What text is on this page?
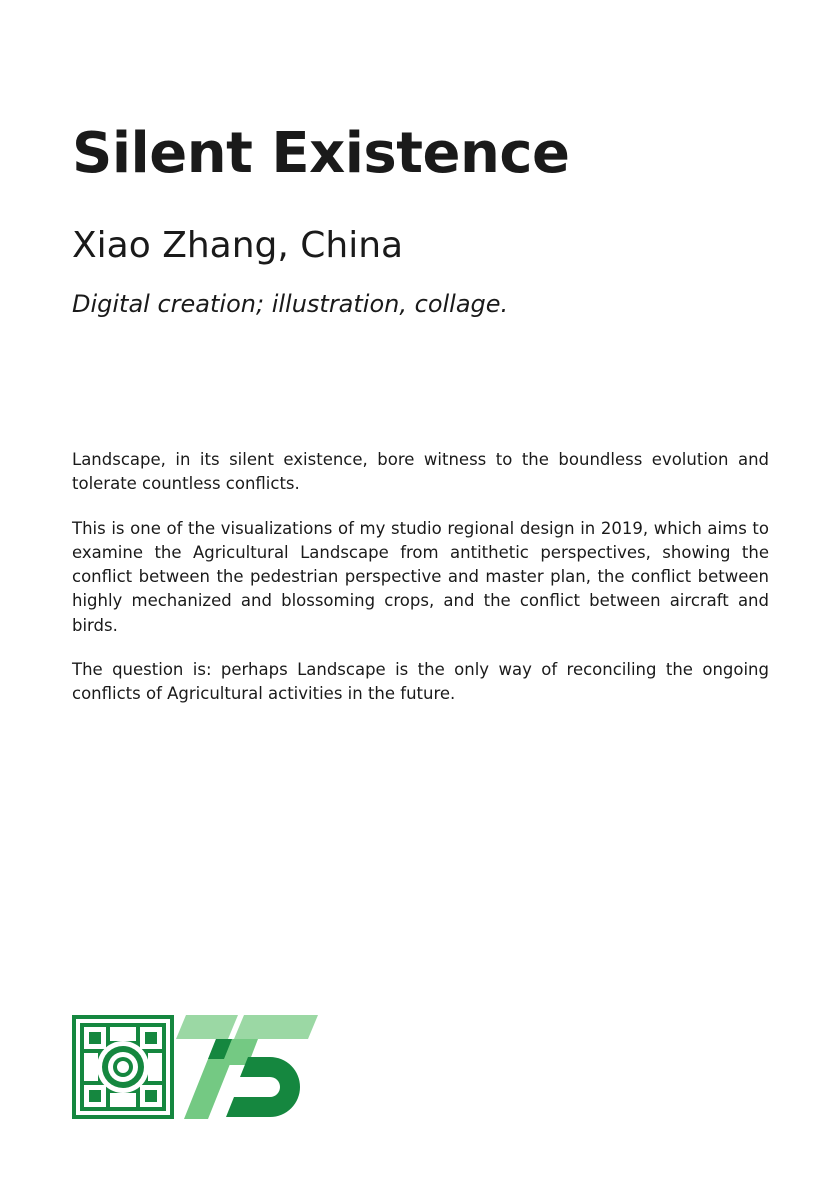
Silent Existence
Xiao Zhang, China

Digital creation; illustration, collage.

Landscape, in its silent existence, bore witness to the boundless evolution and tolerate countless conflicts.

This is one of the visualizations of my studio regional design in 2019, which aims to examine the Agricultural Landscape from antithetic perspectives, showing the conflict between the pedestrian perspective and master plan, the conflict between highly mechanized and blossoming crops, and the conflict between aircraft and birds.

The question is: perhaps Landscape is the only way of reconciling the ongoing conflicts of Agricultural activities in the future.
